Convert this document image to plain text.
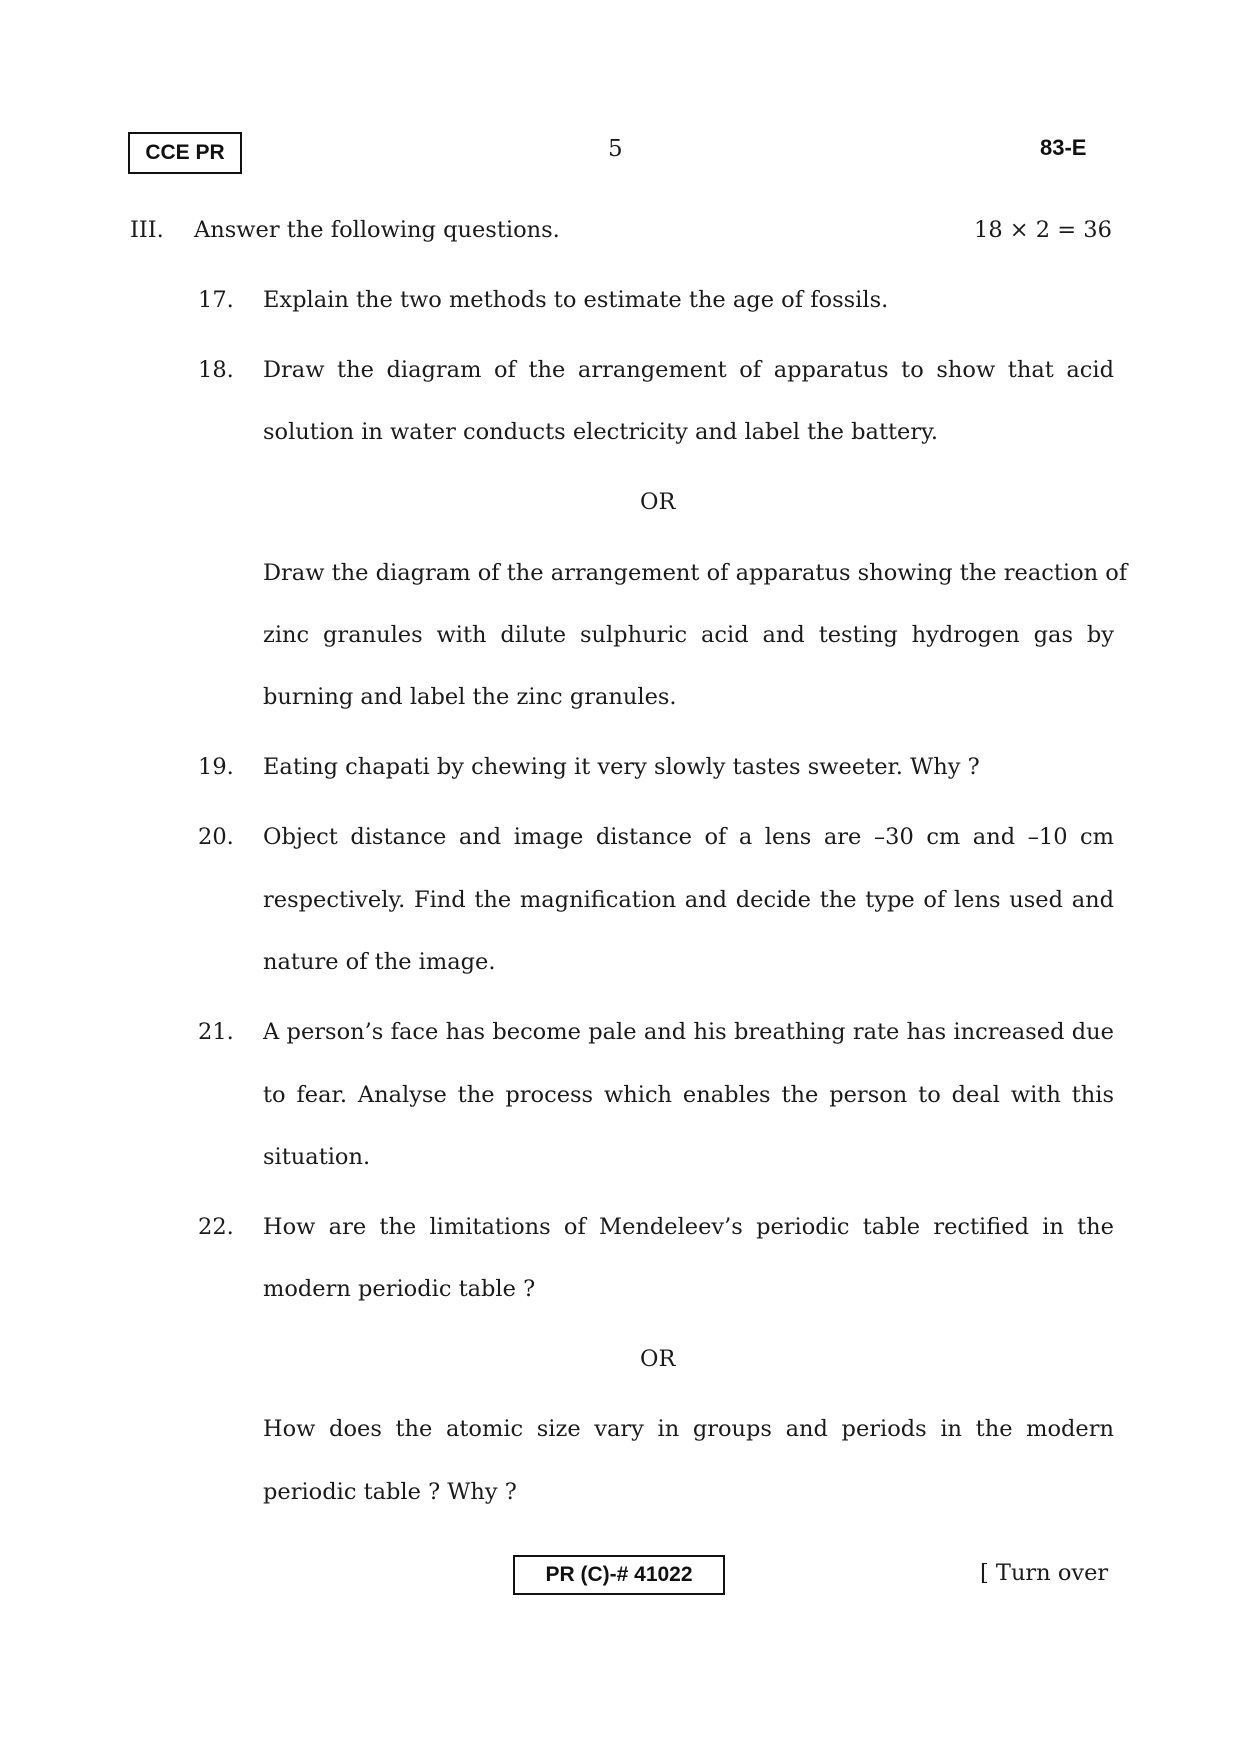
CCE PR	5	83-E
III. Answer the following questions.	18 × 2 = 36
17. Explain the two methods to estimate the age of fossils.
18. Draw the diagram of the arrangement of apparatus to show that acid
solution in water conducts electricity and label the battery.
OR
Draw the diagram of the arrangement of apparatus showing the reaction of
zinc granules with dilute sulphuric acid and testing hydrogen gas by
burning and label the zinc granules.
19. Eating chapati by chewing it very slowly tastes sweeter. Why ?
20. Object distance and image distance of a lens are –30 cm and –10 cm
respectively. Find the magnification and decide the type of lens used and
nature of the image.
21. A person’s face has become pale and his breathing rate has increased due
to fear. Analyse the process which enables the person to deal with this
situation.
22. How are the limitations of Mendeleev’s periodic table rectified in the
modern periodic table ?
OR
How does the atomic size vary in groups and periods in the modern
periodic table ? Why ?
PR (C)-# 41022	[ Turn over
